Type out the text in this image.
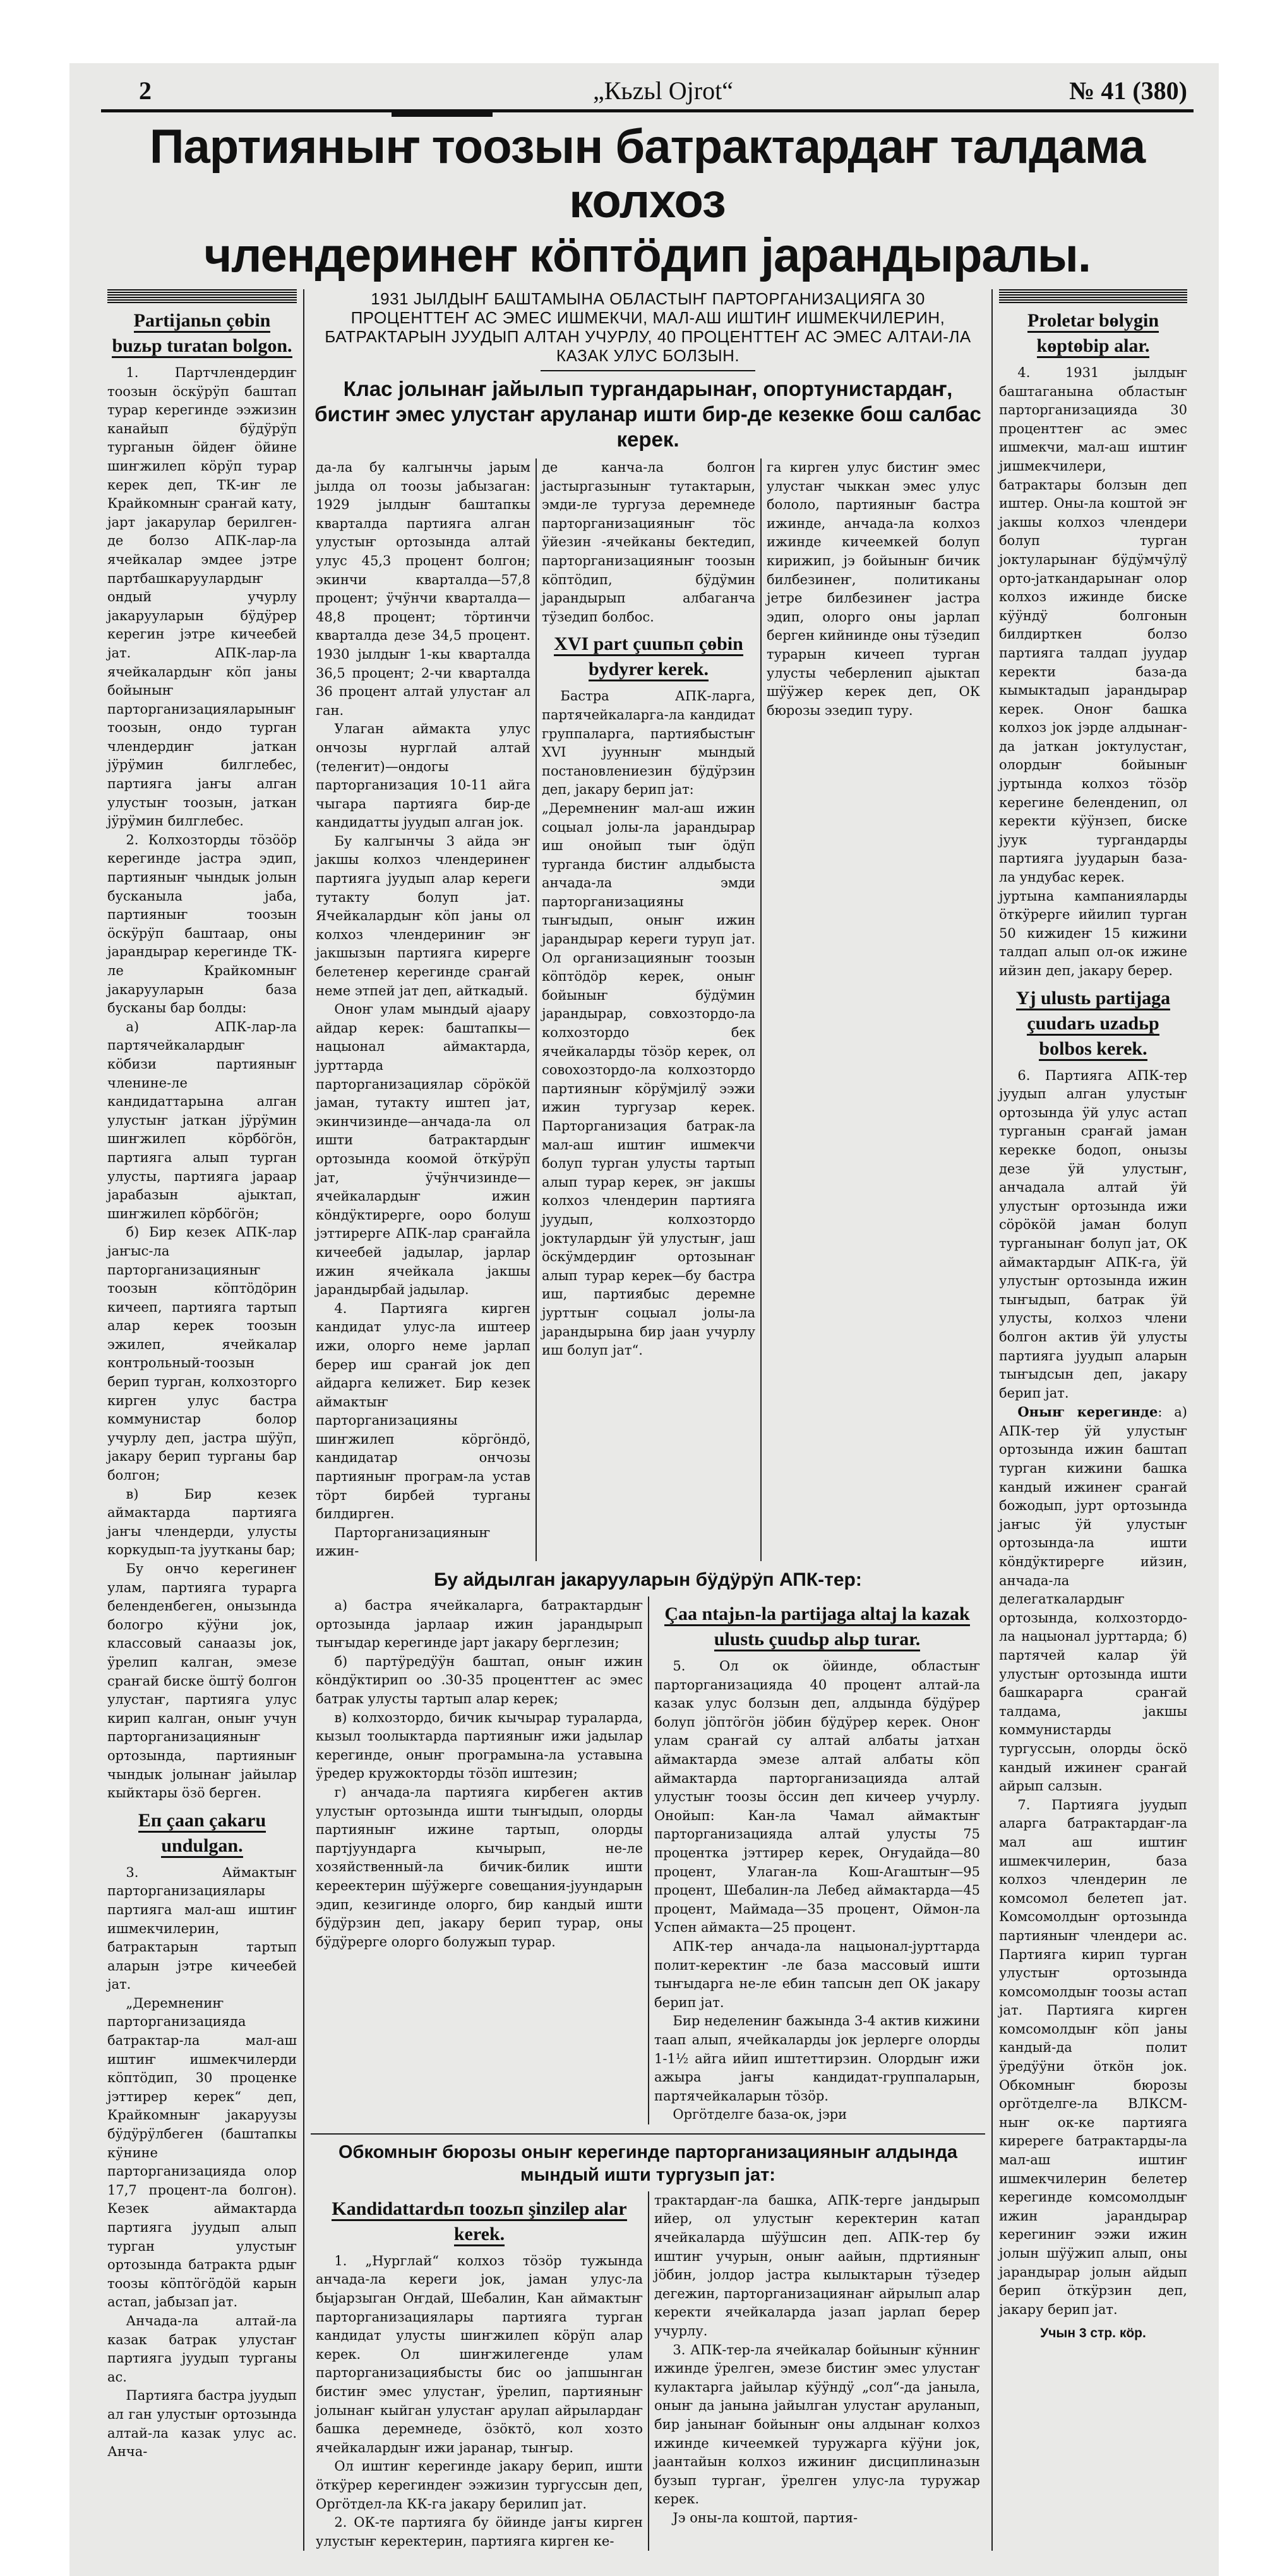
2	„Кьzьl Ojrot“	№ 41 (380)
Партияныҥ тоозын батрактардаҥ талдама колхоз
члендеринеҥ кӧптӧдип јарандыралы.
Partijanьn çөbin buzьp turatan bolgon.

1. Партчлендердиҥ тоозын ӧскӱрӱп баштап турар керегинде ээжизин канайып бӱдӱрӱп турганын ӧйдеҥ ӧйине шиҥжилеп кӧрӱп турар керек деп, ТК-иҥ ле Крайкомныҥ сраҥай кату, јарт јакарулар берилген-де болзо АПК-лар-ла ячейкалар эмдее јэтре партбашкаруулардыҥ ондый учурлу јакарууларын бӱдӱрер керегин јэтре кичеебей јат. АПК-лар-ла ячейкалардыҥ кӧп јаны бойыныҥ парторганизацияларыныҥ тоозын, ондо турган члендердиҥ јаткан јӱрӱмин билглебес, партияга јаҥы алган улустыҥ тоозын, јаткан јӱрӱмин билглебес.

2. Колхозторды тӧзӧӧр керегинде јастра эдип, партияныҥ чындык јолын бусканыла јаба, партияныҥ тоозын ӧскӱрӱп баштаар, оны јарандырар керегинде ТК-ле Крайкомныҥ јакарууларын база бусканы бар болды:

а) АПК-лар-ла партячейкалардыҥ кӧбизи партияныҥ членине-ле кандидаттарына алган улустыҥ јаткан јӱрӱмин шиҥжилеп кӧрбӧгӧн, партияга алып турган улусты, партияга јараар јарабазын ајыктап, шиҥжилеп кӧрбӧгӧн;

б) Бир кезек АПК-лар јаҥыс-ла парторганизацияныҥ тоозын кӧптӧдӧрин кичееп, партияга тартып алар керек тоозын эжилеп, ячейкалар контрольный-тоозын берип турган, колхозторго кирген улус бастра коммунистар болор учурлу деп, јастра шӱӱп, јакару берип турганы бар болгон;

в) Бир кезек аймактарда партияга јаҥы члендерди, улусты коркудып-та јуутканы бар;

Бу ончо керегинеҥ улам, партияга турарга беленденбеген, онызында бологро кӱӱни јок, классовый санаазы јок, ӱрелип калган, эмезе сраҥай биске ӧштӱ болгон улустаҥ, партияга улус кирип калган, оныҥ учун парторганизацияныҥ ортозында, партияныҥ чындык јолынаҥ јайылар кыйктары ӧзӧ берген.

Eп çaan çakaru undulgan.

3. Аймактыҥ парторганизациялары партияга мал-аш иштиҥ ишмекчилерин, батрактарын тартып аларын јэтре кичеебей јат.

„Деремнениҥ парторганизацияда батрактар-ла мал-аш иштиҥ ишмекчилерди кӧптӧдип, 30 проценке јэттирер керек“ деп, Крайкомныҥ јакаруузы бӱдӱрӱлбеген (баштапкы кӱнине парторганизацияда олор 17,7 процент-ла болгон). Кезек аймактарда партияга јуудып алып турган улустыҥ ортозында батракта рдыҥ тоозы кӧптӧгӧдӧй карын астап, јабызап јат.

Анчада-ла алтай-ла казак батрак улустаҥ партияга јуудып турганы ас.

Партияга бастра јуудып ал ган улустыҥ ортозында алтай-ла казак улус ас. Анча-

1931 ЈЫЛДЫҤ БАШТАМЫНА ОБЛАСТЫҤ ПАРТОРГАНИЗАЦИЯГА 30 ПРОЦЕНТТЕҤ АС ЭМЕС ИШМЕКЧИ, МАЛ-АШ ИШТИҤ ИШМЕКЧИЛЕРИН, БАТРАКТАРЫН ЈУУДЫП АЛТАН УЧУРЛУ, 40 ПРОЦЕНТТЕҤ АС ЭМЕС АЛТАИ-ЛА КАЗАК УЛУС БОЛЗЫН.
Клас јолынаҥ јайылып тургандарынаҥ, опортунистардаҥ, бистиҥ эмес улустаҥ аруланар ишти бир-де кезекке бош салбас керек.

да-ла бу калгынчы јарым јылда ол тоозы јабызаган: 1929 јылдыҥ баштапкы кварталда партияга алган улустыҥ ортозында алтай улус 45,3 процент болгон; экинчи кварталда—57,8 процент; ӱчӱнчи кварталда—48,8 процент; тӧртинчи кварталда дезе 34,5 процент. 1930 јылдыҥ 1-кы кварталда 36,5 процент; 2-чи кварталда 36 процент алтай улустаҥ ал ган.

Улаган аймакта улус ончозы нурглай алтай (телеҥит)—ондогы парторганизация 10-11 айга чыгара партияга бир-де кандидатты јуудып алган јок.

Бу калгынчы 3 айда эҥ јакшы колхоз члендеринеҥ партияга јуудып алар кереги тутакту болуп јат. Ячейкалардыҥ кӧп јаны ол колхоз члендериниҥ эҥ јакшызын партияга кирерге белетенер керегинде сраҥай неме этпей јат деп, айткадый.

Оноҥ улам мындый ајаару айдар керек: баштапкы—нацыонал аймактарда, јурттарда парторганизациялар сӧрӧкӧй јаман, тутакту иштеп јат, экинчизинде—анчада-ла ол ишти батрактардыҥ ортозында коомой ӧткӱрӱп јат, ӱчӱнчизинде—ячейкалардыҥ ижин кӧндӱктирерге, ооро болуш јэттирерге АПК-лар сраҥайла кичеебей јадылар, јарлар ижин ячейкала јакшы јарандырбай јадылар.

4. Партияга кирген кандидат улус-ла иштеер ижи, олорго неме јарлап берер иш сраҥай јок деп айдарга келижет. Бир кезек аймактыҥ парторганизацияны шиҥжилеп кӧргӧндӧ, кандидатар ончозы партияныҥ програм-ла устав тӧрт бирбей турганы билдирген.

Парторганизацияныҥ ижин-

де канча-ла болгон јастыргазыныҥ тутактарын, эмди-ле тургуза деремнеде парторганизацияныҥ тӧс ӱйезин -ячейканы бектедип, парторганизацияныҥ тоозын кӧптӧдип, бӱдӱмин јарандырып албаганча тӱзедип болбос.

XVI part çuuпьп çөbin bydyrer kerek.

Бастра АПК-ларга, партячейкаларга-ла кандидат группаларга, партиябыстыҥ XVI јуунныҥ мындый постановлениезин бӱдӱрзин деп, јакару берип јат:

„Деремнениҥ мал-аш ижин соцыал јолы-ла јарандырар иш онойып тыҥ ӧдӱп турганда бистиҥ алдыбыста анчада-ла эмди парторганизацияны тыҥыдып, оныҥ ижин јарандырар кереги туруп јат. Ол организацияныҥ тоозын кӧптӧдӧр керек, оныҥ бойыныҥ бӱдӱмин јарандырар, совхозтордо-ла колхозтордо бек ячейкаларды тӧзӧр керек, ол совохозтордо-ла колхозтордо партияныҥ кӧрӱмјилӱ ээжи ижин тургузар керек. Парторганизация батрак-ла мал-аш иштиҥ ишмекчи болуп турган улусты тартып алып турар керек, эҥ јакшы колхоз члендерин партияга јуудып, колхозтордо јоктулардыҥ ӱй улустыҥ, јаш ӧскӱмдердиҥ ортозынаҥ алып турар керек—бу бастра иш, партиябыс деремне јурттыҥ соцыал јолы-ла јарандырына бир јаан учурлу иш болуп јат“.

га кирген улус бистиҥ эмес улустаҥ чыккан эмес улус бололо, партияныҥ бастра ижинде, анчада-ла колхоз ижинде кичеемкей болуп кирижип, јэ бойыныҥ бичик билбезинеҥ, политиканы јетре билбезинеҥ јастра эдип, олорго оны јарлап берген кийнинде оны тӱзедип турарын кичееп турган улусты чеберленип ајыктап шӱӱжер керек деп, ОК бюрозы эзедип туру.

Бу айдылган јакарууларын бӱдӱрӱп АПК-тер:

а) бастра ячейкаларга, батрактардыҥ ортозында јарлаар ижин јарандырып тыҥыдар керегинде јарт јакару берглезин;

б) партӱредӱӱн баштап, оныҥ ижин кӧндӱктирип оо .30-35 проценттеҥ ас эмес батрак улусты тартып алар керек;

в) колхозтордо, бичик кычырар тураларда, кызыл тоолыктарда партияныҥ ижи јадылар керегинде, оныҥ програмына-ла уставына ӱредер кружокторды тӧзӧп иштезин;

г) анчада-ла партияга кирбеген актив улустыҥ ортозында ишти тыҥыдып, олорды партияныҥ ижине тартып, олорды партјуундарга кычырып, не-ле хозяйственный-ла бичик-билик ишти кереектерин шӱӱжерге совещания-јуундарын эдип, кезигинде олорго, бир кандый ишти бӱдӱрзин деп, јакару берип турар, оны бӱдӱрерге олорго болужып турар.

Çaa ntajьn-la partijaga altaj la kazak ulustь çuudьp alьp turar.

5. Ол ок ӧйинде, областыҥ парторганизацияда 40 процент алтай-ла казак улус болзын деп, алдында бӱдӱрер болуп јӧптӧгӧн јӧбин бӱдӱрер керек. Оноҥ улам сраҥай су алтай албаты јатхан аймактарда эмезе алтай албаты кӧп аймактарда парторганизацияда алтай улустыҥ тоозы ӧссин деп кичеер учурлу. Онойып: Кан-ла Чамал аймактыҥ парторганизацияда алтай улусты 75 процентка јэттирер керек, Оҥудайда—80 процент, Улаган-ла Кош-Агаштыҥ—95 процент, Шебалин-ла Лебед аймактарда—45 процент, Маймада—35 процент, Оймон-ла Успен аймакта—25 процент.

АПК-тер анчада-ла нацыонал-јурттарда полит-керектиҥ -ле база массовый ишти тыҥыдарга не-ле ебин тапсын деп ОК јакару берип јат.

Бир неделениҥ бажында 3-4 актив кижини таап алып, ячейкаларды јок јерлерге олорды 1-1½ айга ийип иштеттирзин. Олордыҥ ижи ажыра јаҥы кандидат-группаларын, партячейкаларын тӧзӧр.

Оргӧтделге база-ок, јэри

Обкомныҥ бюрозы оныҥ керегинде парторганизацияныҥ алдында мындый ишти тургузып јат:
Kandidattardьп toozьп şinzilep alar kerek.

1. „Нурглай“ колхоз тӧзӧр тужында анчада-ла кереги јок, јаман улус-ла быјарзыган Оҥдай, Шебалин, Кан аймактыҥ парторганизациялары партияга турган кандидат улусты шиҥжилеп кӧрӱп алар керек. Ол шиҥжилегенде улам парторганизациябысты бис оо јапшынган бистиҥ эмес улустаҥ, ӱрелип, партияныҥ јолынаҥ кыйган улустаҥ арулап айрылардаҥ башка деремнеде, ӧзӧктӧ, кол хозто ячейкалардыҥ ижи јаранар, тыҥыр.

Ол иштиҥ керегинде јакару берип, ишти ӧткӱрер керегиндеҥ ээжизин тургуссын деп, Оргӧтдел-ла КК-га јакару берилип јат.

2. ОК-те партияга бу ӧйинде јаҥы кирген улустыҥ керектерин, партияга кирген ке-

трактардаҥ-ла башка, АПК-терге јандырып ийер, ол улустыҥ керектерин катап ячейкаларда шӱӱшсин деп. АПК-тер бу иштиҥ учурын, оныҥ аайын, пдртияныҥ јӧбин, јолдор јастра кылыктарын тӱзедер дегежин, парторганизациянаҥ айрылып алар керекти ячейкаларда јазап јарлап берер учурлу.

3. АПК-тер-ла ячейкалар бойыныҥ кӱнниҥ ижинде ӱрелген, эмезе бистиҥ эмес улустаҥ кулактарга јайылар кӱӱндӱ „сол“-да јаныла, оныҥ да јанына јайылган улустаҥ аруланып, бир јанынаҥ бойыныҥ оны алдынаҥ колхоз ижинде кичеемкей туружарга кӱӱни јок, јаантайын колхоз ижиниҥ дисциплиназын бузып тургаҥ, ӱрелген улус-ла туружар керек.

Јэ оны-ла коштой, партия-

Proletar bөlygin kөptөbip alar.

4. 1931 јылдыҥ баштаганына областыҥ парторганизацияда 30 проценттеҥ ас эмес ишмекчи, мал-аш иштиҥ јишмекчилери, батрактары болзын деп иштер. Оны-ла коштой эҥ јакшы колхоз члендери болуп турган јоктуларынаҥ бӱдӱмчӱлӱ орто-јаткандарынаҥ олор колхоз ижинде биске кӱӱндӱ болгонын билдирткен болзо партияга талдап јуудар керекти база-да кымыктадып јарандырар керек. Оноҥ башка колхоз јок јэрде алдынаҥ-да јаткан јоктулустаҥ, олордыҥ бойыныҥ јуртында колхоз тӧзӧр керегине беленденип, ол керекти кӱӱнзеп, биске јуук тургандарды партияга јуударын база-ла ундубас керек.

јуртына кампанияларды ӧткӱрерге ийилип турган 50 кижидеҥ 15 кижини талдап алып ол-ок ижине ийзин деп, јакару берер.

Yj ulustь partijaga çuudarь uzadьp bolbos kerek.

6. Партияга АПК-тер јуудып алган улустыҥ ортозында ӱй улус астап турганын сраҥай јаман керекке бодоп, онызы дезе ӱй улустыҥ, анчадала алтай ӱй улустыҥ ортозында ижи сӧрӧкӧй јаман болуп турганынаҥ болуп јат, ОК аймактардыҥ АПК-га, ӱй улустыҥ ортозында ижин тыҥыдып, батрак ӱй улусты, колхоз члени болгон актив ӱй улусты партияга јуудып аларын тыҥыдсын деп, јакару берип јат.

Оныҥ керегинде: а) АПК-тер ӱй улустыҥ ортозында ижин баштап турган кижини башка кандый ижинеҥ сраҥай божодып, јурт ортозында јаҥыс ӱй улустыҥ ортозында-ла ишти кӧндӱктирерге ийзин, анчада-ла делегаткалардыҥ ортозында, колхозтордо-ла нацыонал јурттарда; б) партячей калар ӱй улустыҥ ортозында ишти башкарарга сраҥай талдама, јакшы коммунистарды тургуссын, олорды ӧскӧ кандый ижинеҥ сраҥай айрып салзын.

7. Партияга јуудып аларга батрактардаҥ-ла мал аш иштиҥ ишмекчилерин, база колхоз члендерин ле комсомол белетеп јат. Комсомолдыҥ ортозында партияныҥ члендери ас. Партияга кирип турган улустыҥ ортозында комсомолдыҥ тоозы астап јат. Партияга кирген комсомолдыҥ кӧп јаны кандый-да полит ӱредӱӱни ӧткӧн јок. Обкомныҥ бюрозы оргӧтделге-ла ВЛКСМ-ныҥ ок-ке партияга киререге батрактарды-ла мал-аш иштиҥ ишмекчилерин белетер керегинде комсомолдыҥ ижин јарандырар керегиниҥ ээжи ижин јолын шӱӱжип алып, оны јарандырар јолын айдып берип ӧткӱрзин деп, јакару берип јат.

Учын 3 стр. кӧр.
